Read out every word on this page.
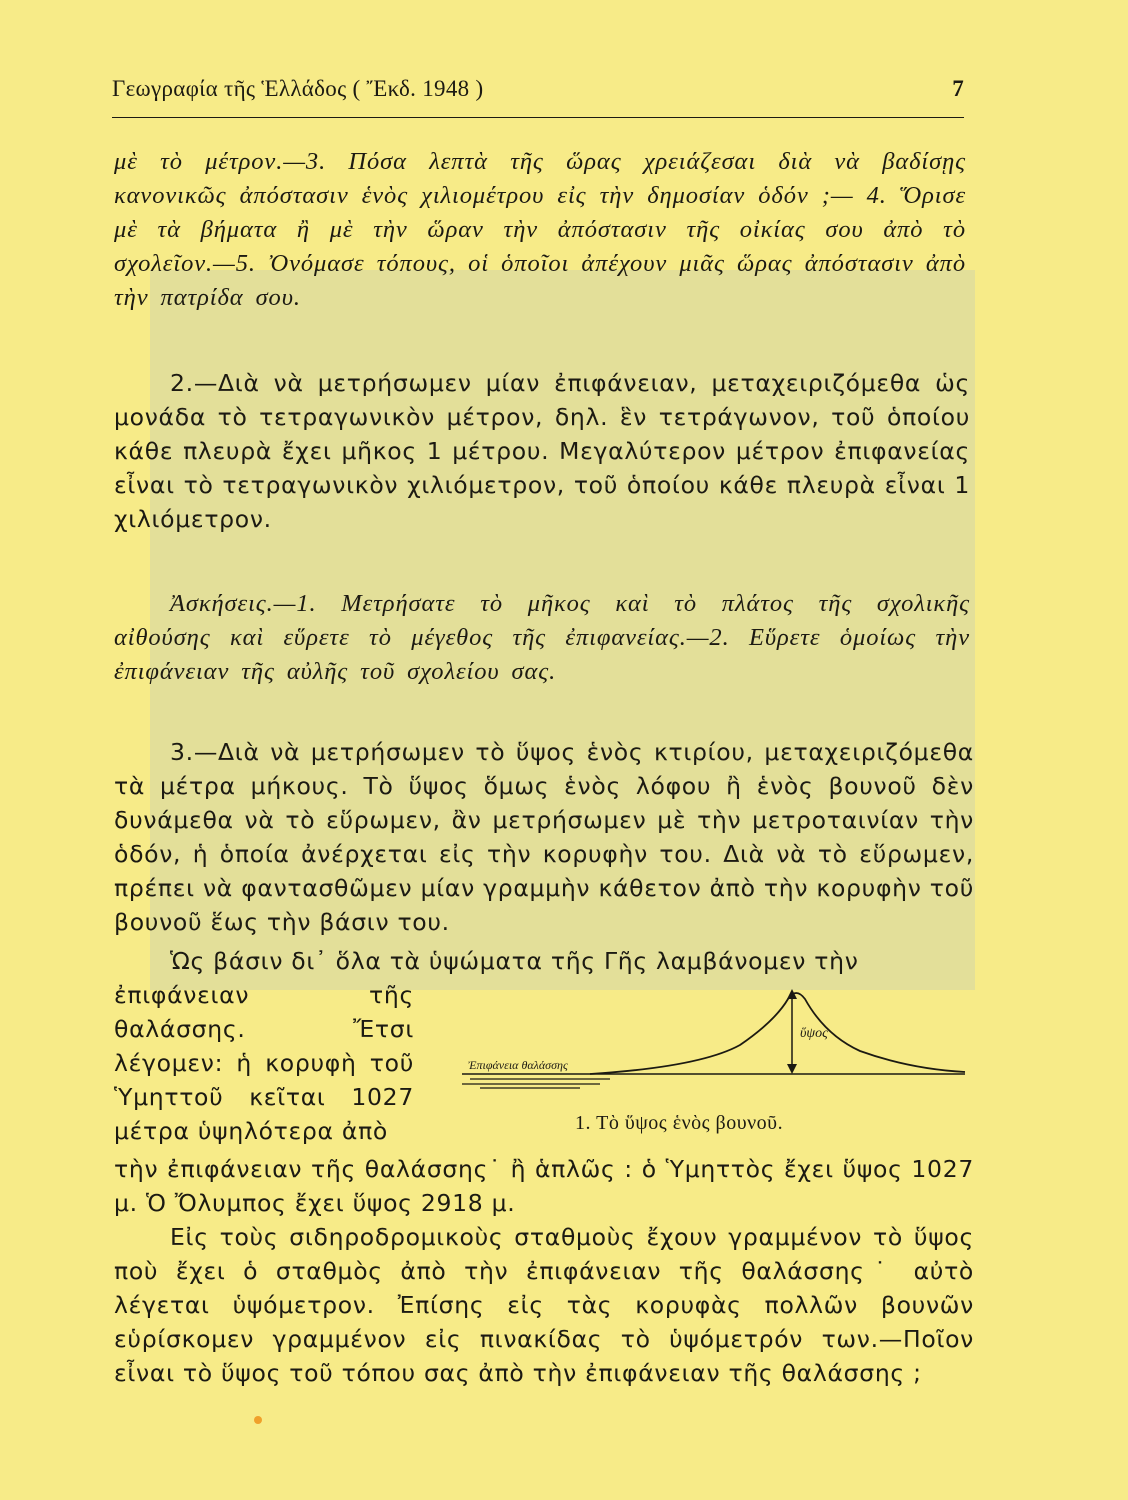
Γεωγραφία τῆς Ἑλλάδος ( Ἔκδ. 1948 )	7

μὲ τὸ μέτρον.—3. Πόσα λεπτὰ τῆς ὥρας χρειάζεσαι διὰ νὰ βαδίσῃς κανονικῶς ἀπόστασιν ἑνὸς χιλιομέτρου εἰς τὴν δημοσίαν ὁδόν ;— 4. Ὅρισε μὲ τὰ βήματα ἢ μὲ τὴν ὥραν τὴν ἀπόστασιν τῆς οἰκίας σου ἀπὸ τὸ σχολεῖον.—5. Ὀνόμασε τόπους, οἱ ὁποῖοι ἀπέχουν μιᾶς ὥρας ἀπόστασιν ἀπὸ τὴν πατρίδα σου.

2.—Διὰ νὰ μετρήσωμεν μίαν ἐπιφάνειαν, μεταχειριζόμεθα ὡς μονάδα τὸ τετραγωνικὸν μέτρον, δηλ. ἓν τετράγωνον, τοῦ ὁποίου κάθε πλευρὰ ἔχει μῆκος 1 μέτρου. Μεγαλύτερον μέτρον ἐπιφανείας εἶναι τὸ τετραγωνικὸν χιλιόμετρον, τοῦ ὁποίου κάθε πλευρὰ εἶναι 1 χιλιόμετρον.

Ἀσκήσεις.—1. Μετρήσατε τὸ μῆκος καὶ τὸ πλάτος τῆς σχολικῆς αἰθούσης καὶ εὕρετε τὸ μέγεθος τῆς ἐπιφανείας.—2. Εὕρετε ὁμοίως τὴν ἐπιφάνειαν τῆς αὐλῆς τοῦ σχολείου σας.

3.—Διὰ νὰ μετρήσωμεν τὸ ὕψος ἑνὸς κτιρίου, μεταχειριζόμεθα τὰ μέτρα μήκους. Τὸ ὕψος ὅμως ἑνὸς λόφου ἢ ἑνὸς βουνοῦ δὲν δυνάμεθα νὰ τὸ εὕρωμεν, ἂν μετρήσωμεν μὲ τὴν μετροταινίαν τὴν ὁδόν, ἡ ὁποία ἀνέρχεται εἰς τὴν κορυφὴν του. Διὰ νὰ τὸ εὕρωμεν, πρέπει νὰ φαντασθῶμεν μίαν γραμμὴν κάθετον ἀπὸ τὴν κορυφὴν τοῦ βουνοῦ ἕως τὴν βάσιν του.

Ὡς βάσιν δι᾽ ὅλα τὰ ὑψώματα τῆς Γῆς λαμβάνομεν τὴν

ἐπιφάνειαν τῆς θαλάσσης. Ἔτσι λέγομεν: ἡ κορυφὴ τοῦ Ὑμηττοῦ κεῖται 1027 μέτρα ὑψηλότερα ἀπὸ

ὕψος
Ἐπιφάνεια θαλάσσης
1. Τὸ ὕψος ἑνὸς βουνοῦ.

τὴν ἐπιφάνειαν τῆς θαλάσσης˙ ἢ ἁπλῶς : ὁ Ὑμηττὸς ἔχει ὕψος 1027 μ. Ὁ Ὄλυμπος ἔχει ὕψος 2918 μ.

Εἰς τοὺς σιδηροδρομικοὺς σταθμοὺς ἔχουν γραμμένον τὸ ὕψος ποὺ ἔχει ὁ σταθμὸς ἀπὸ τὴν ἐπιφάνειαν τῆς θαλάσσης˙ αὐτὸ λέγεται ὑψόμετρον. Ἐπίσης εἰς τὰς κορυφὰς πολλῶν βουνῶν εὑρίσκομεν γραμμένον εἰς πινακίδας τὸ ὑψόμετρόν των.—Ποῖον εἶναι τὸ ὕψος τοῦ τόπου σας ἀπὸ τὴν ἐπιφάνειαν τῆς θαλάσσης ;
